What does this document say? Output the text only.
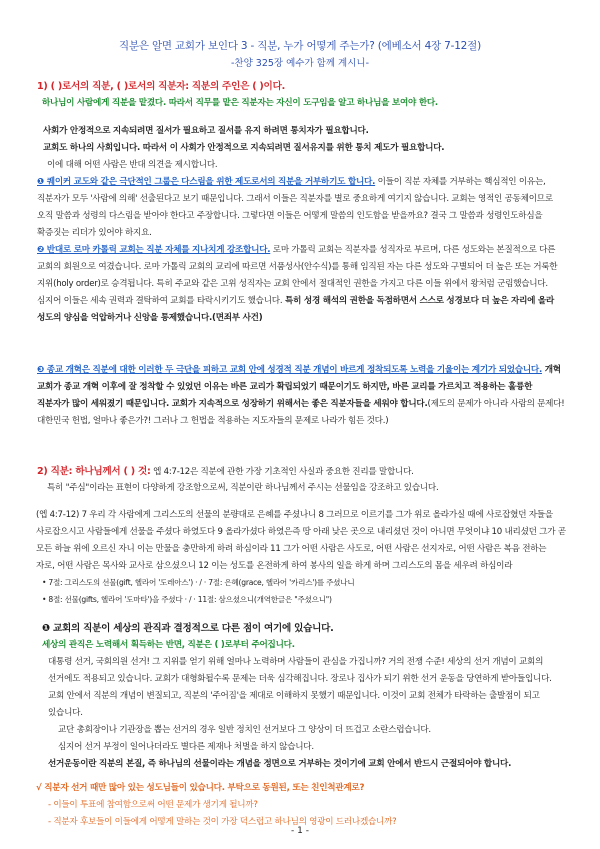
직분은 알면 교회가 보인다 3 - 직분, 누가 어떻게 주는가? (에베소서 4장 7-12절)
-찬양 325장 예수가 함께 계시니-
1) ( )로서의 직분, ( )로서의 직분자: 직분의 주인은 ( )이다.
하나님이 사람에게 직분을 맡겼다. 따라서 직무를 맡은 직분자는 자신이 도구임을 알고 하나님을 보여야 한다.
사회가 안정적으로 지속되려면 질서가 필요하고 질서를 유지 하려면 통치자가 필요합니다.
교회도 하나의 사회입니다. 따라서 이 사회가 안정적으로 지속되려면 질서유지를 위한 통치 제도가 필요합니다.
이에 대해 어떤 사람은 반대 의견을 제시합니다.
❶ 퀘이커 교도와 같은 극단적인 그룹은 다스림을 위한 제도로서의 직분을 거부하기도 합니다. 이들이 직분 자체를 거부하는 핵심적인 이유는, 직분자가 모두 '사람에 의해' 선출된다고 보기 때문입니다. 그래서 이들은 직분자를 별로 중요하게 여기지 않습니다. 교회는 영적인 공동체이므로 오직 말씀과 성령의 다스림을 받아야 한다고 주장합니다. 그렇다면 이들은 어떻게 말씀의 인도함을 받을까요? 결국 그 말씀과 성령인도하심을 확증짓는 리더가 있어야 하지요.
❷ 반대로 로마 카톨릭 교회는 직분 자체를 지나치게 강조합니다. 로마 가톨릭 교회는 직분자를 성직자로 부르며, 다른 성도와는 본질적으로 다른 교회의 회원으로 여겼습니다. 로마 가톨릭 교회의 교리에 따르면 서품성사(안수식)를 통해 임직된 자는 다른 성도와 구별되어 더 높은 또는 거룩한 지위(holy order)로 승격됩니다. 특히 주교와 같은 고위 성직자는 교회 안에서 절대적인 권한을 가지고 다른 이들 위에서 왕처럼 군림했습니다. 심지어 이들은 세속 권력과 결탁하여 교회를 타락시키기도 했습니다. 특히 성경 해석의 권한을 독점하면서 스스로 성경보다 더 높은 자리에 올라 성도의 양심을 억압하거나 신앙을 통제했습니다.(면죄부 사건)
❸ 종교 개혁은 직분에 대한 이러한 두 극단을 피하고 교회 안에 성경적 직분 개념이 바르게 정착되도록 노력을 기울이는 계기가 되었습니다. 개혁 교회가 종교 개혁 이후에 잘 정착할 수 있었던 이유는 바른 교리가 확립되었기 때문이기도 하지만, 바른 교리를 가르치고 적용하는 훌륭한 직분자가 많이 세워졌기 때문입니다. 교회가 지속적으로 성장하기 위해서는 좋은 직분자들을 세워야 합니다.(제도의 문제가 아니라 사람의 문제다! 대한민국 헌법, 얼마나 좋은가?! 그러나 그 헌법을 적용하는 지도자들의 문제로 나라가 힘든 것다.)
2) 직분: 하나님께서 ( ) 것: 엡 4:7-12은 직분에 관한 가장 기초적인 사실과 중요한 진리를 말합니다.
특히 "주심"이라는 표현이 다양하게 강조함으로써, 직분이란 하나님께서 주시는 선물임을 강조하고 있습니다.
(엡 4:7-12) 7 우리 각 사람에게 그리스도의 선물의 분량대로 은혜를 주셨나니 8 그러므로 이르기를 그가 위로 올라가실 때에 사로잡혔던 자들을 사로잡으시고 사람들에게 선물을 주셨다 하였도다 9 올라가셨다 하였은즉 땅 아래 낮은 곳으로 내리셨던 것이 아니면 무엇이냐 10 내리셨던 그가 곧 모든 하늘 위에 오르신 자니 이는 만물을 충만하게 하려 하심이라 11 그가 어떤 사람은 사도로, 어떤 사람은 선지자로, 어떤 사람은 복음 전하는 자로, 어떤 사람은 목사와 교사로 삼으셨으니 12 이는 성도를 온전하게 하여 봉사의 일을 하게 하며 그리스도의 몸을 세우려 하심이라
• 7절: 그리스도의 선물(gift, 헬라어 '도레아스') · / · 7절: 은혜(grace, 헬라어 '카리스')를 주셨나니
• 8절: 선물(gifts, 헬라어 '도마타')을 주셨다 · / · 11절: 삼으셨으니(개역한글은 "주셨으니")
❶ 교회의 직분이 세상의 관직과 결정적으로 다른 점이 여기에 있습니다.
세상의 관직은 노력해서 획득하는 반면, 직분은 ( )로부터 주어집니다.
대통령 선거, 국회의원 선거! 그 지위를 얻기 위해 얼마나 노력하며 사람들이 관심을 가집니까? 거의 전쟁 수준! 세상의 선거 개념이 교회의 선거에도 적용되고 있습니다. 교회가 대형화될수록 문제는 더욱 심각해집니다. 장로나 집사가 되기 위한 선거 운동을 당연하게 받아들입니다. 교회 안에서 직분의 개념이 변질되고, 직분의 '주어짐'을 제대로 이해하지 못했기 때문입니다. 이것이 교회 전체가 타락하는 출발점이 되고 있습니다.
교단 총회장이나 기관장을 뽑는 선거의 경우 일반 정치인 선거보다 그 양상이 더 뜨겁고 소란스럽습니다.
심지어 선거 부정이 일어나더라도 별다른 제재나 처벌을 하지 않습니다.
선거운동이란 직분의 본질, 즉 하나님의 선물이라는 개념을 정면으로 거부하는 것이기에 교회 안에서 반드시 근절되어야 합니다.
√ 직분자 선거 때만 많아 있는 성도님들이 있습니다. 부탁으로 동원된, 또는 친인척관계로?
- 이들이 투표에 참여함으로써 어떤 문제가 생기게 될니까?
- 직분자 후보들이 이들에게 어떻게 말하는 것이 가장 덕스럽고 하나님의 영광이 드러나겠습니까?
- 1 -
